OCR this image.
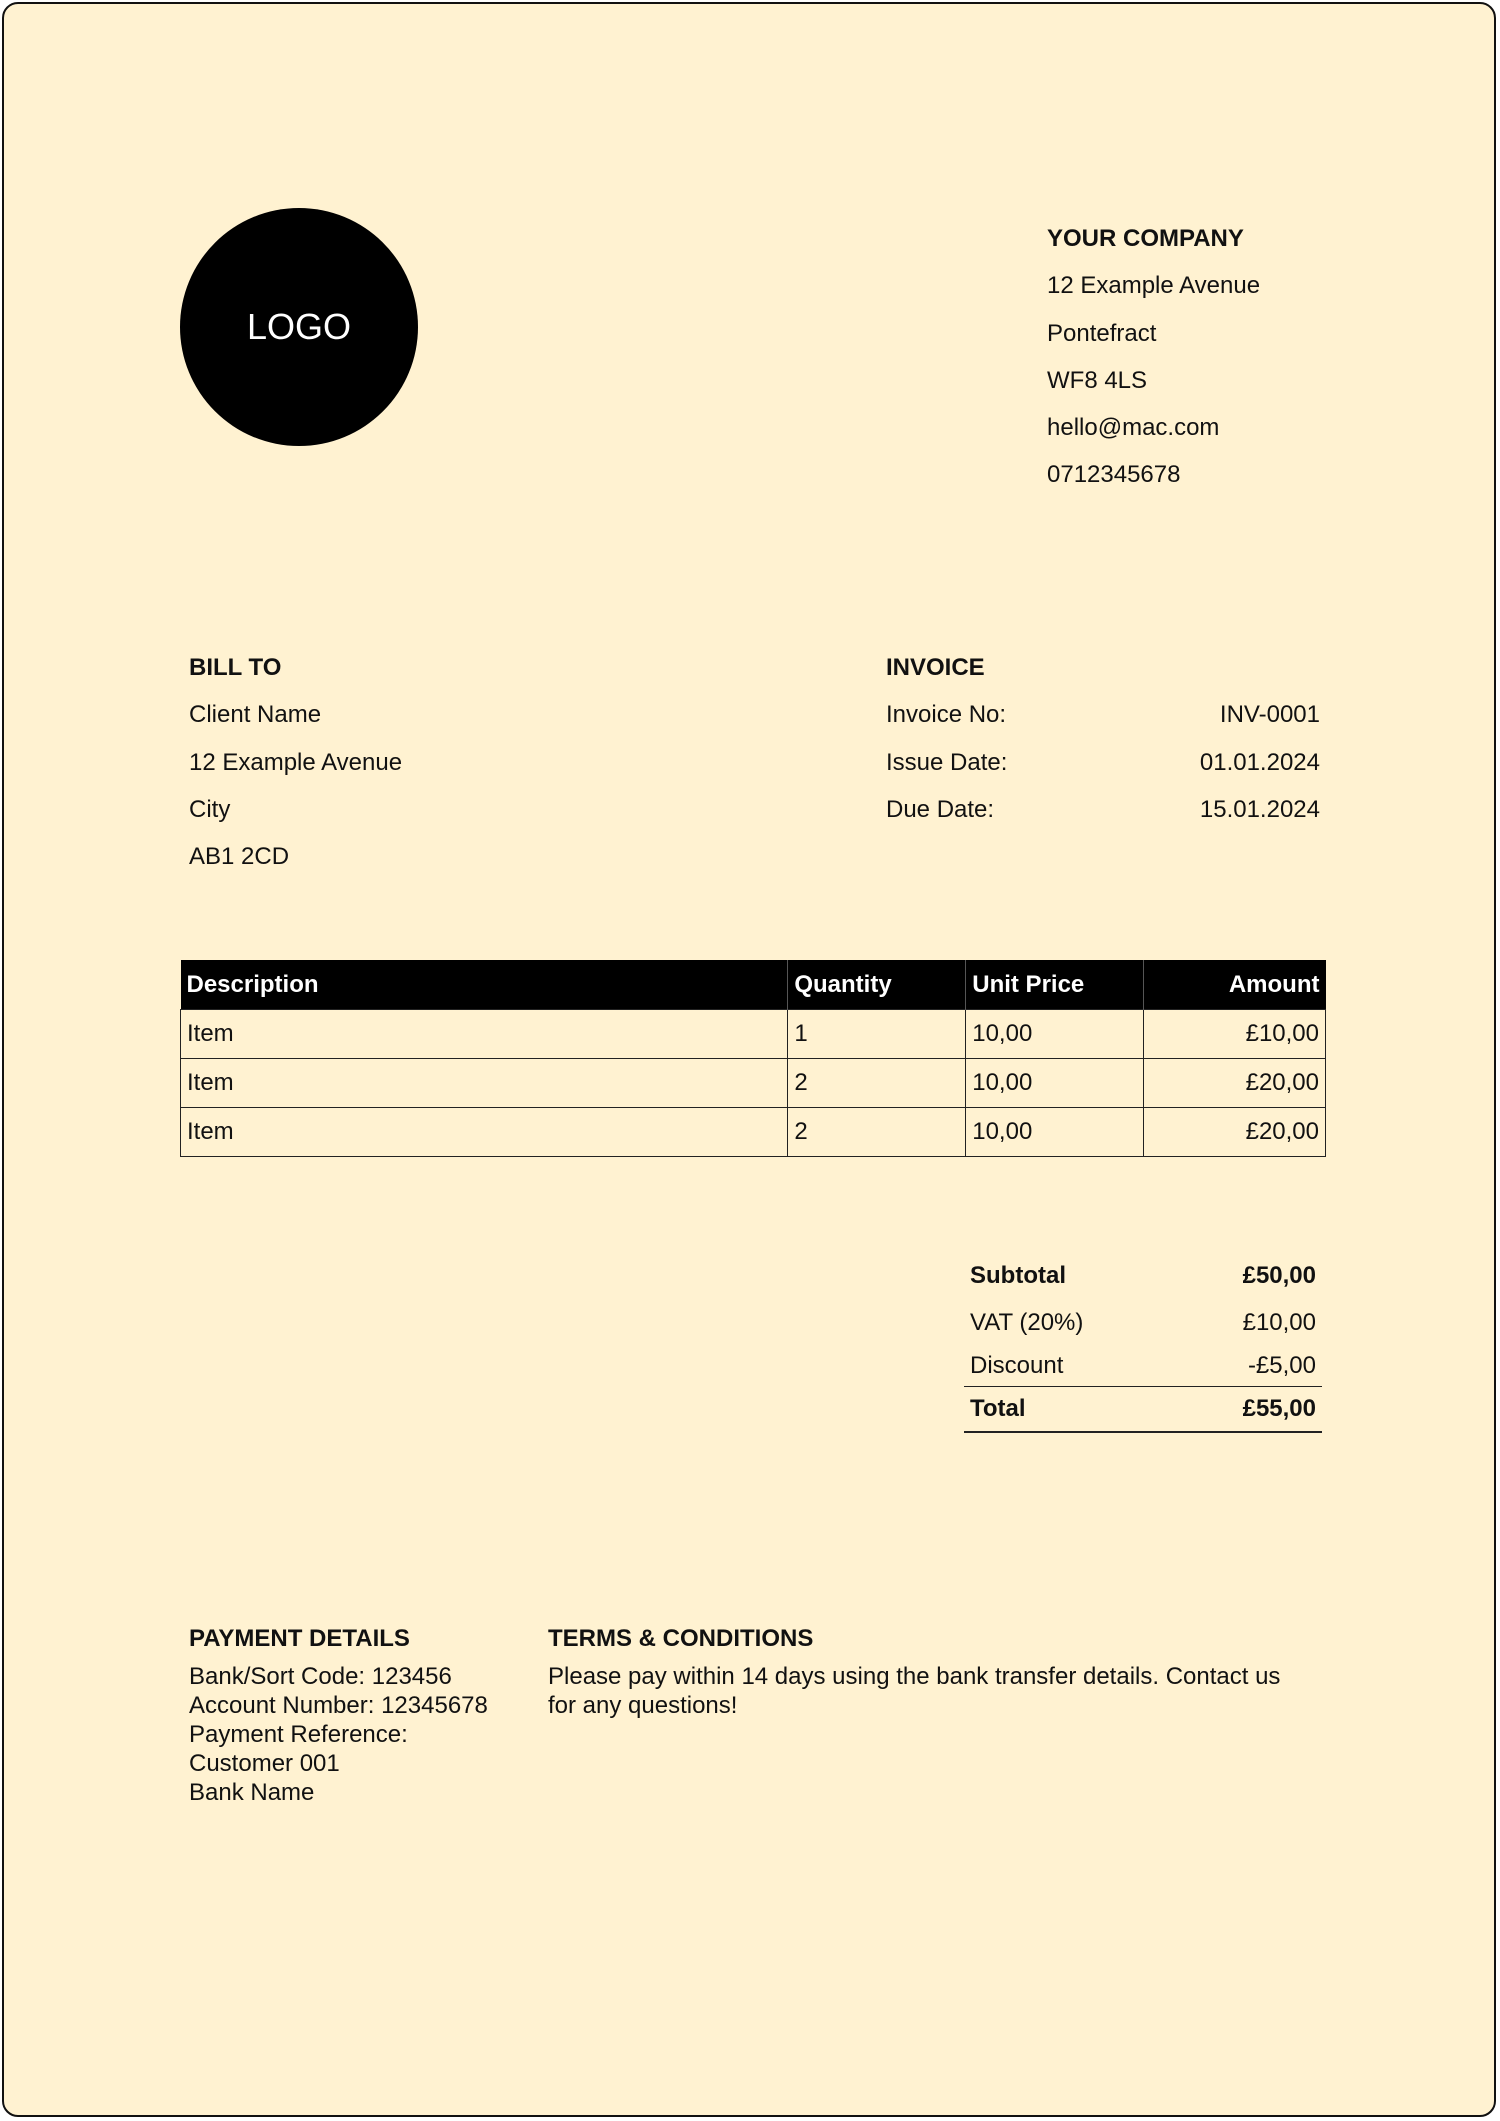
LOGO
YOUR COMPANY
12 Example Avenue
Pontefract
WF8 4LS
hello@mac.com
0712345678
BILL TO
Client Name
12 Example Avenue
City
AB1 2CD
INVOICE
Invoice No:	INV-0001
Issue Date:	01.01.2024
Due Date:	15.01.2024
Description	Quantity	Unit Price	Amount
Item	1	10,00	£10,00
Item	2	10,00	£20,00
Item	2	10,00	£20,00
Subtotal	£50,00
VAT (20%)	£10,00
Discount	-£5,00
Total	£55,00
PAYMENT DETAILS
Bank/Sort Code: 123456
Account Number: 12345678
Payment Reference:
Customer 001
Bank Name
TERMS & CONDITIONS
Please pay within 14 days using the bank transfer details. Contact us
for any questions!
